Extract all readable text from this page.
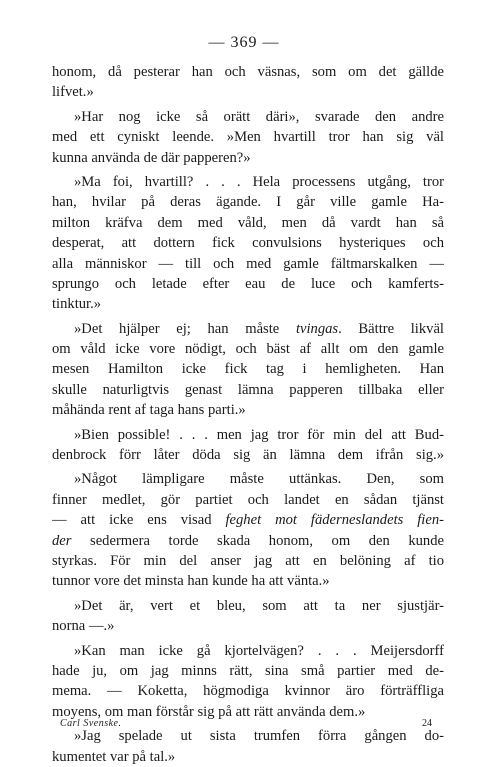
— 369 —
honom, då pesterar han och väsnas, som om det gällde
lifvet.»
»Har nog icke så orätt däri», svarade den andre
med ett cyniskt leende. »Men hvartill tror han sig väl
kunna använda de där papperen?»
»Ma foi, hvartill? . . . Hela processens utgång, tror
han, hvilar på deras ägande. I går ville gamle Ha-
milton kräfva dem med våld, men då vardt han så
desperat, att dottern fick convulsions hysteriques och
alla människor — till och med gamle fältmarskalken —
sprungo och letade efter eau de luce och kamferts-
tinktur.»
»Det hjälper ej; han måste tvingas. Bättre likväl
om våld icke vore nödigt, och bäst af allt om den gamle
mesen Hamilton icke fick tag i hemligheten. Han
skulle naturligtvis genast lämna papperen tillbaka eller
måhända rent af taga hans parti.»
»Bien possible! . . . men jag tror för min del att Bud-
denbrock förr låter döda sig än lämna dem ifrån sig.»
»Något lämpligare måste uttänkas. Den, som
finner medlet, gör partiet och landet en sådan tjänst
— att icke ens visad feghet mot fäderneslandets fien-
der sedermera torde skada honom, om den kunde
styrkas. För min del anser jag att en belöning af tio
tunnor vore det minsta han kunde ha att vänta.»
»Det är, vert et bleu, som att ta ner sjustjär-
norna —.»
»Kan man icke gå kjortelvägen? . . . Meijersdorff
hade ju, om jag minns rätt, sina små partier med de-
mema. — Koketta, högmodiga kvinnor äro förträffliga
moyens, om man förstår sig på att rätt använda dem.»
»Jag spelade ut sista trumfen förra gången do-
kumentet var på tal.»
Carl Svenske.	24
